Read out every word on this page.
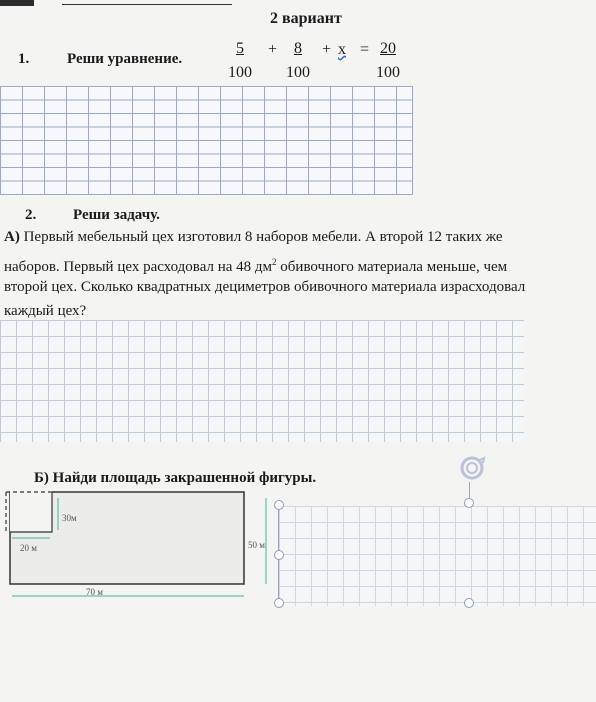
2 вариант
1.	Реши уравнение.	$\frac{5}{100} + \frac{8}{100} + x = \frac{20}{100}$
2. Реши задачу.
А) Первый мебельный цех изготовил 8 наборов мебели. А второй 12 таких же
наборов. Первый цех расходовал на 48 $дм^2$ обивочного материала меньше, чем
второй цех. Сколько квадратных дециметров обивочного материала израсходовал
каждый цех?
Б) Найди площадь закрашенной фигуры.
30м
20 м	50 м
70 м
